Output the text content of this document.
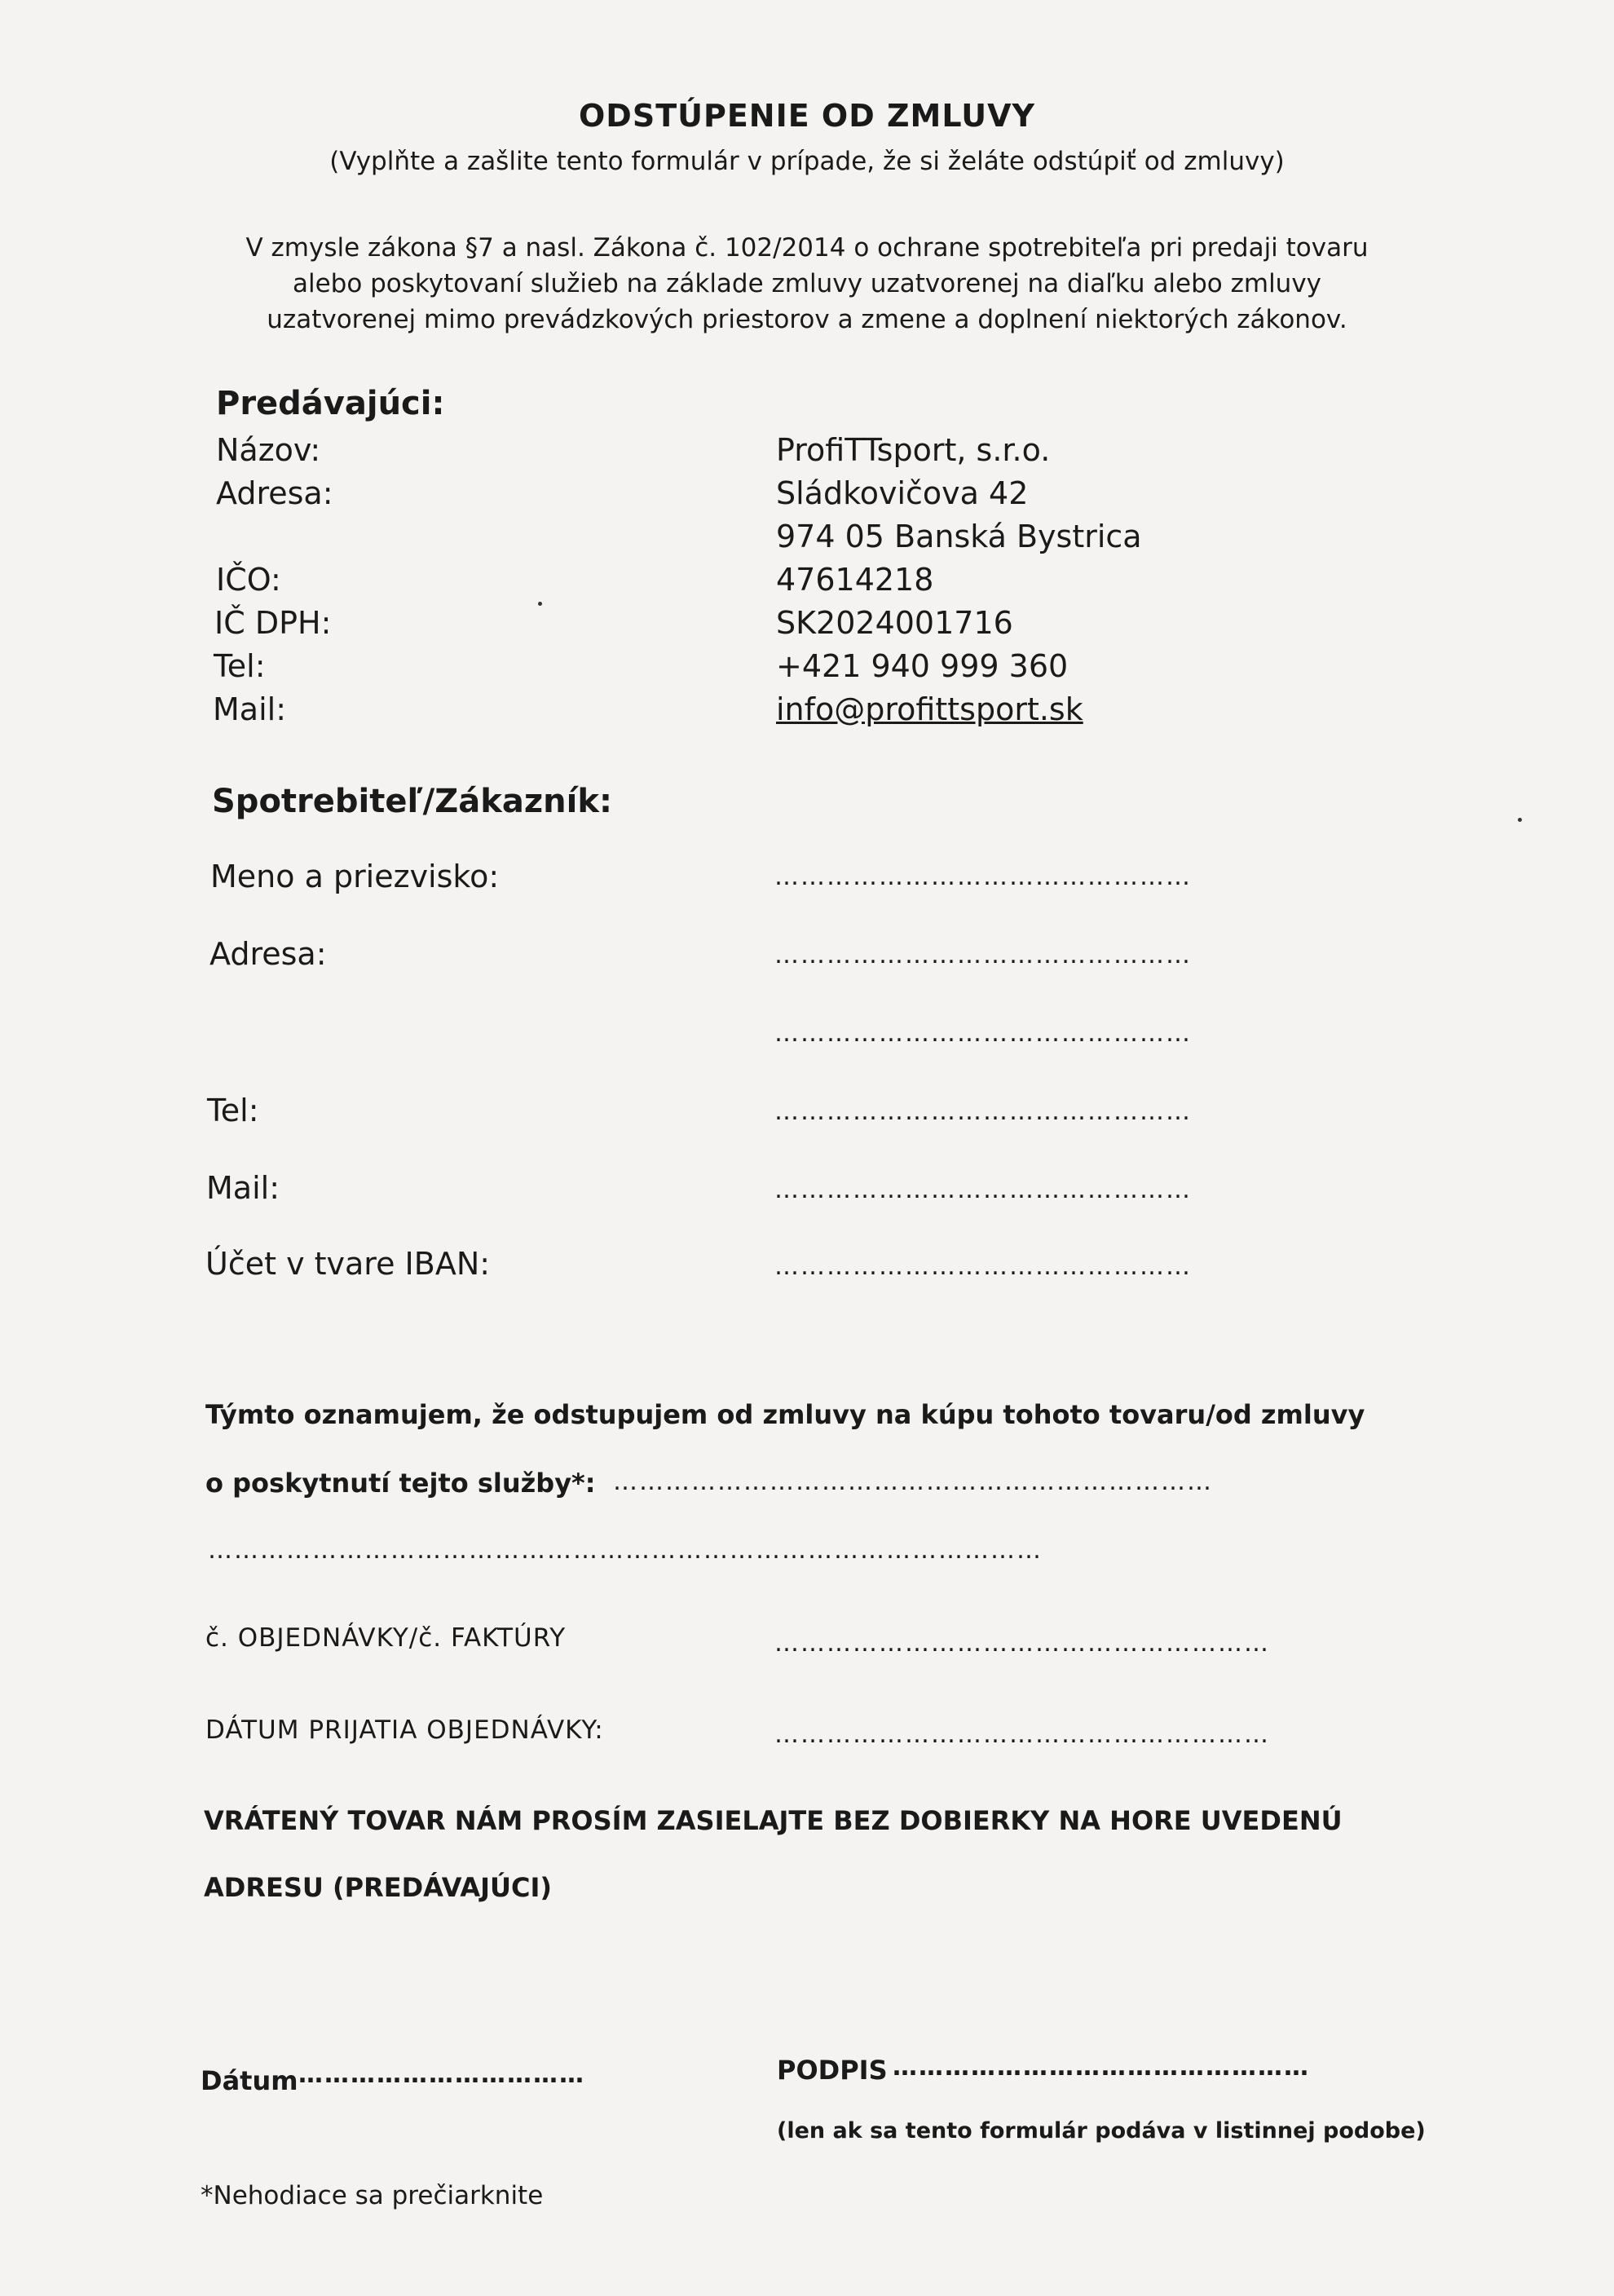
ODSTÚPENIE OD ZMLUVY
(Vyplňte a zašlite tento formulár v prípade, že si želáte odstúpiť od zmluvy)
V zmysle zákona §7 a nasl. Zákona č. 102/2014 o ochrane spotrebiteľa pri predaji tovaru
alebo poskytovaní služieb na základe zmluvy uzatvorenej na diaľku alebo zmluvy
uzatvorenej mimo prevádzkových priestorov a zmene a doplnení niektorých zákonov.
Predávajúci:
Názov:	ProfiTTsport, s.r.o.
Adresa:	Sládkovičova 42
974 05 Banská Bystrica
IČO:	47614218
IČ DPH:	SK2024001716
Tel:	+421 940 999 360
Mail:	info@profittsport.sk
Spotrebiteľ/Zákazník:
Meno a priezvisko:	…………………………………………
Adresa:	…………………………………………
…………………………………………
Tel:	…………………………………………
Mail:	…………………………………………
Účet v tvare IBAN:	…………………………………………
Týmto oznamujem, že odstupujem od zmluvy na kúpu tohoto tovaru/od zmluvy
o poskytnutí tejto služby*: ……………………………………………………………
……………………………………………………………………………………
č. OBJEDNÁVKY/č. FAKTÚRY	…………………………………………………
DÁTUM PRIJATIA OBJEDNÁVKY:	…………………………………………………
VRÁTENÝ TOVAR NÁM PROSÍM ZASIELAJTE BEZ DOBIERKY NA HORE UVEDENÚ
ADRESU (PREDÁVAJÚCI)
Dátum ……………………………	PODPIS …………………………………………
(len ak sa tento formulár podáva v listinnej podobe)
*Nehodiace sa prečiarknite
